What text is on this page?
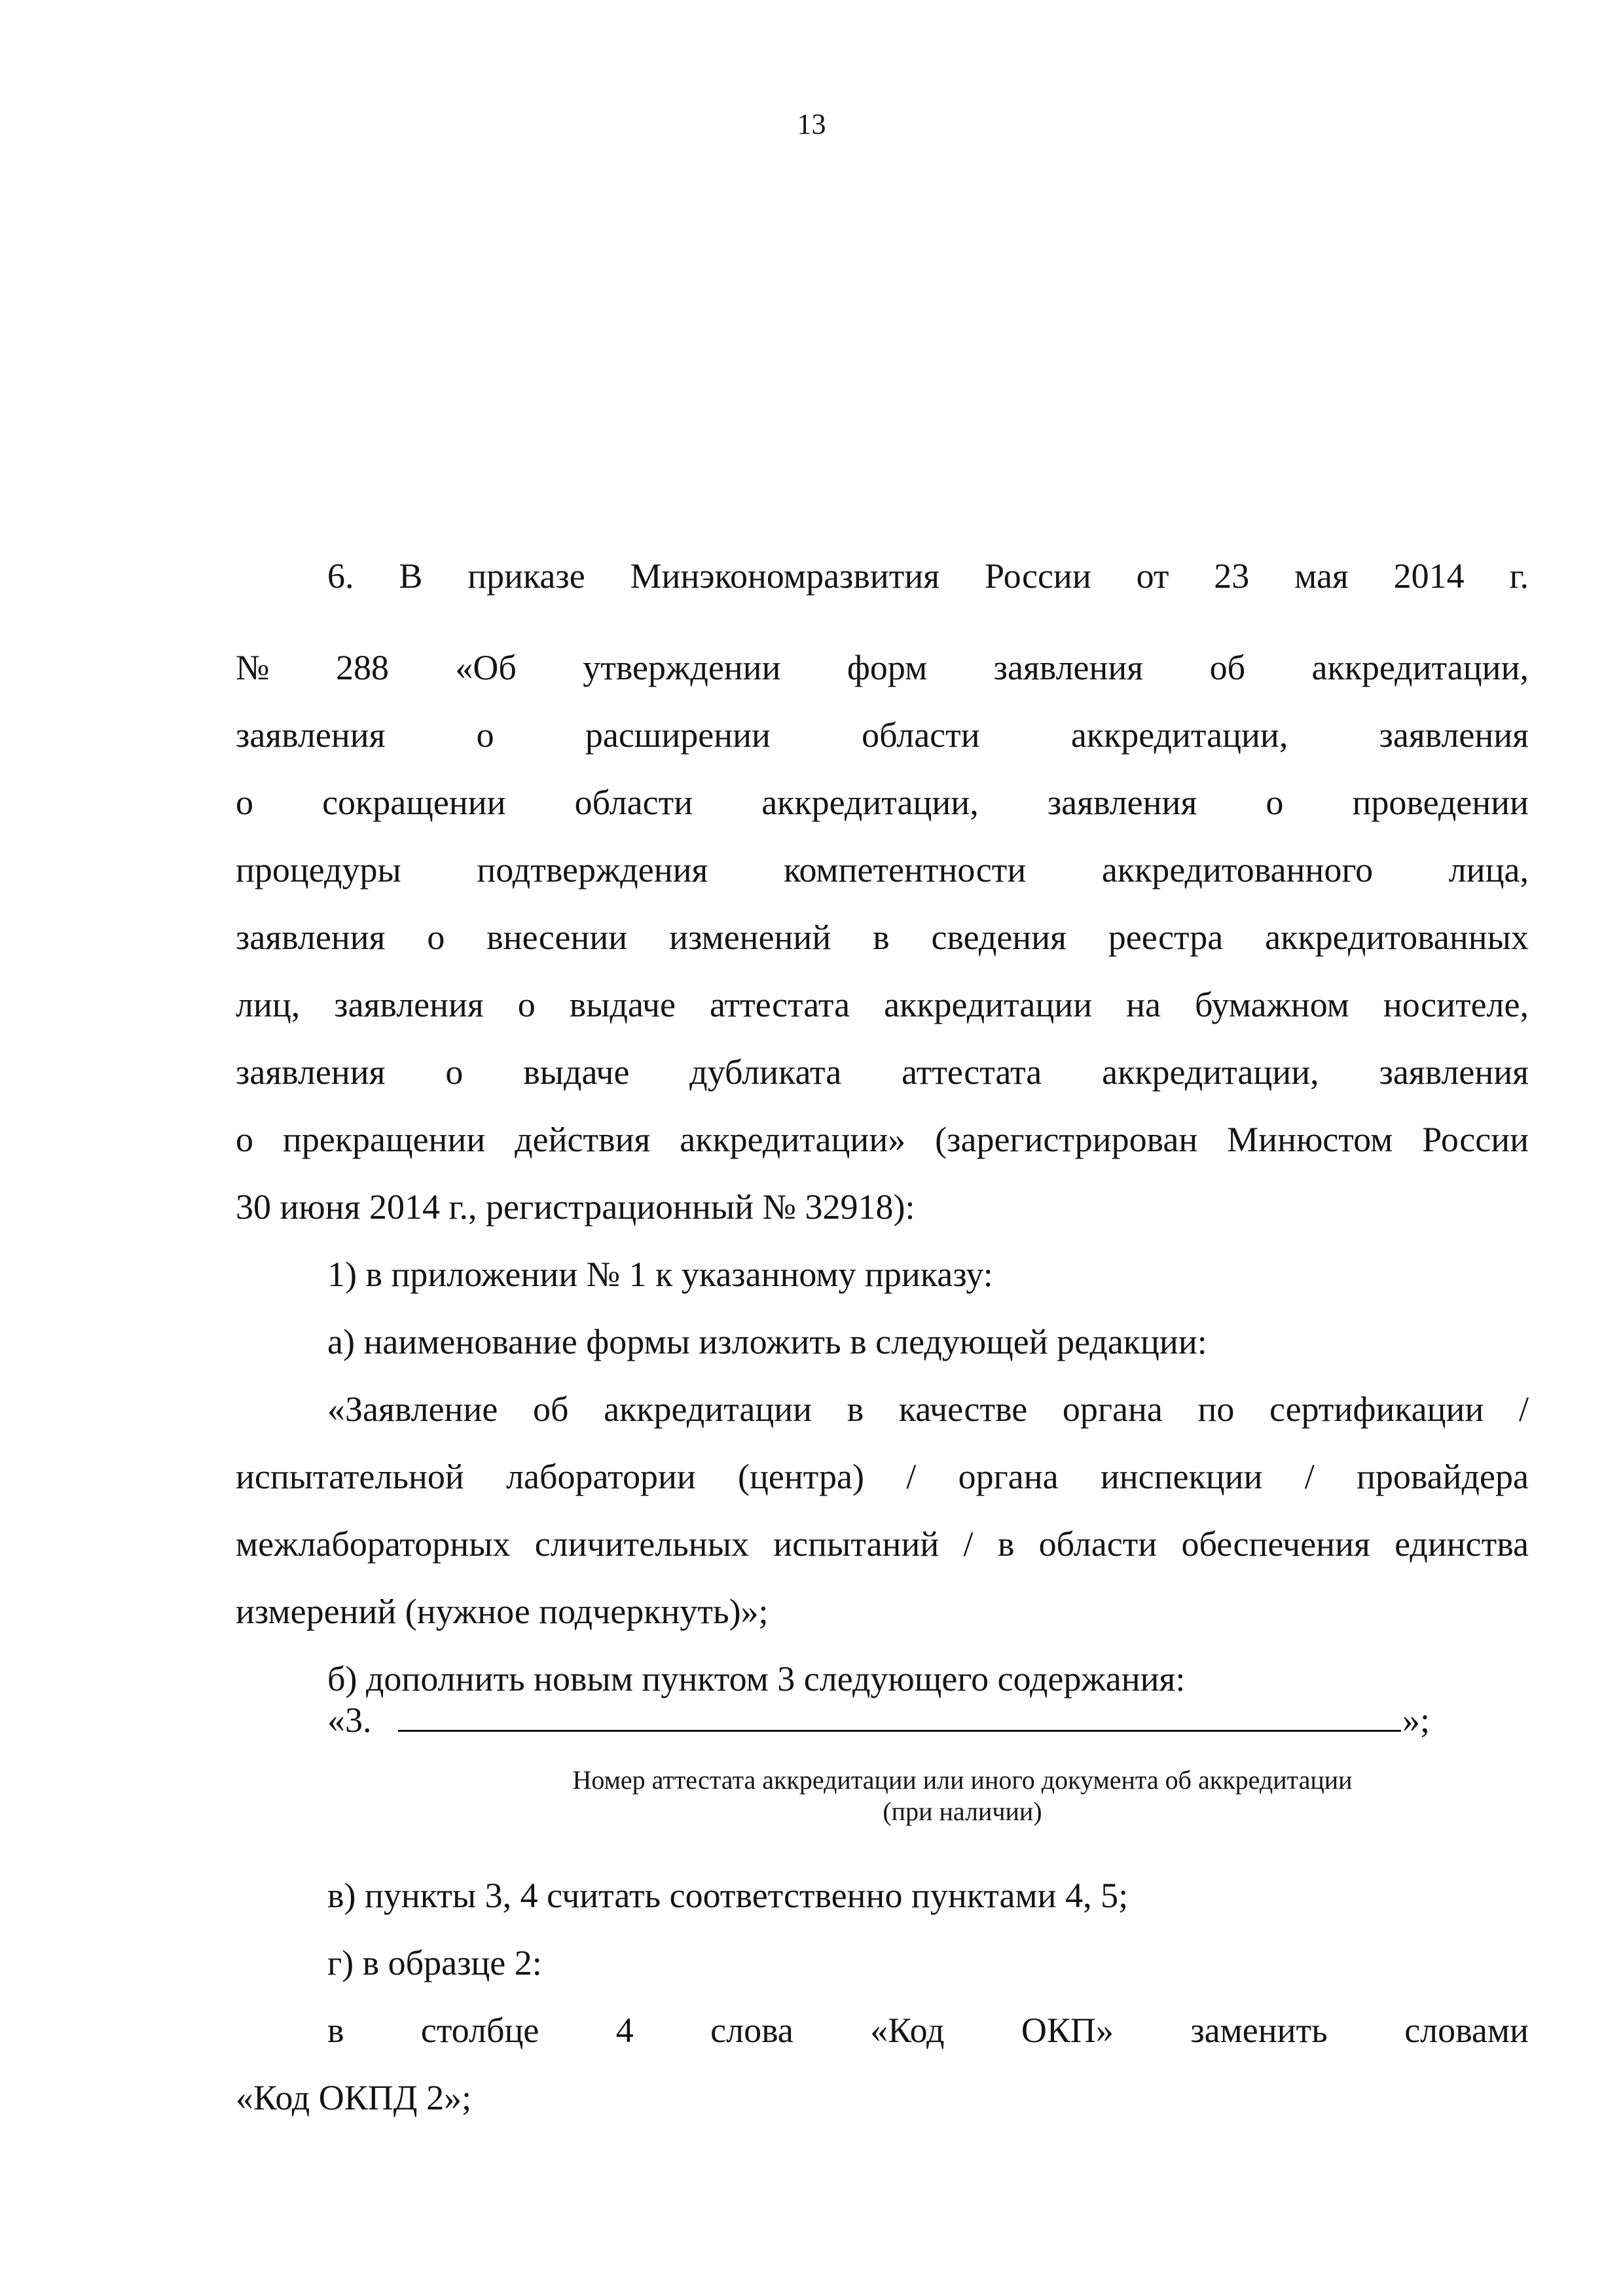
13
6. В приказе Минэкономразвития России от 23 мая 2014 г.
№ 288 «Об утверждении форм заявления об аккредитации,
заявления	о	расширении	области	аккредитации,	заявления
о сокращении области аккредитации, заявления о проведении
процедуры подтверждения компетентности аккредитованного лица,
заявления о внесении изменений в сведения реестра аккредитованных
лиц, заявления о выдаче аттестата аккредитации на бумажном носителе,
заявления о выдаче дубликата аттестата аккредитации, заявления
о прекращении действия аккредитации» (зарегистрирован Минюстом России
30 июня 2014 г., регистрационный № 32918):
1) в приложении № 1 к указанному приказу:
а) наименование формы изложить в следующей редакции:
«Заявление об аккредитации в качестве органа по сертификации /
испытательной лаборатории (центра) / органа инспекции / провайдера
межлабораторных сличительных испытаний / в области обеспечения единства
измерений (нужное подчеркнуть)»;
б) дополнить новым пунктом 3 следующего содержания:
«3.	»;
Номер аттестата аккредитации или иного документа об аккредитации
(при наличии)
в) пункты 3, 4 считать соответственно пунктами 4, 5;
г) в образце 2:
в столбце 4 слова «Код ОКП» заменить словами
«Код ОКПД 2»;
